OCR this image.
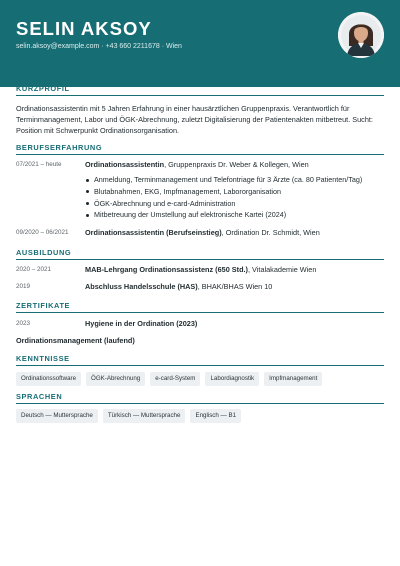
SELIN AKSOY
selin.aksoy@example.com · +43 660 2211678 · Wien
KURZPROFIL
Ordinationsassistentin mit 5 Jahren Erfahrung in einer hausärztlichen Gruppenpraxis. Verantwortlich für
Terminmanagement, Labor und ÖGK-Abrechnung, zuletzt Digitalisierung der Patientenakten mitbetreut. Sucht:
Position mit Schwerpunkt Ordinationsorganisation.
BERUFSERFAHRUNG
07/2021 – heute	Ordinationsassistentin, Gruppenpraxis Dr. Weber & Kollegen, Wien
Anmeldung, Terminmanagement und Telefontriage für 3 Ärzte (ca. 80 Patienten/Tag)
Blutabnahmen, EKG, Impfmanagement, Labororganisation
ÖGK-Abrechnung und e-card-Administration
Mitbetreuung der Umstellung auf elektronische Kartei (2024)
09/2020 – 06/2021 Ordinationsassistentin (Berufseinstieg), Ordination Dr. Schmidt, Wien
AUSBILDUNG
2020 – 2021	MAB-Lehrgang Ordinationsassistenz (650 Std.), Vitalakademie Wien
2019	Abschluss Handelsschule (HAS), BHAK/BHAS Wien 10
ZERTIFIKATE
2023	Hygiene in der Ordination (2023)
Ordinationsmanagement (laufend)
KENNTNISSE
Ordinationssoftware	ÖGK-Abrechnung	e-card-System	Labordiagnostik	Impfmanagement
SPRACHEN
Deutsch — Muttersprache	Türkisch — Muttersprache	Englisch — B1
